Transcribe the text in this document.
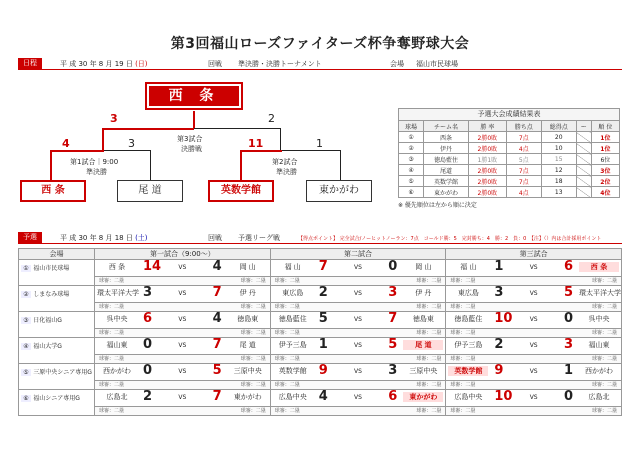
第3回福山ローズファイターズ杯争奪野球大会
日程	平 成 30 年 8 月 19 日 (日)	回戦 準決勝・決勝トーナメント	会場 福山市民球場
西 条
3	2
第3試合
決勝戦
4	3
第1試合｜9:00
準決勝
11	1
第2試合
準決勝
西 条	尾 道	英数学館	東かがわ
予選大会成績結果表
球場	チーム名	勝 率	勝ち点	総得点	ー	順 位
①	西条	2勝0敗	7点	20		1位
②	伊丹	2勝0敗	4点	10		1位
③	徳島藍住	1勝1敗	5点	15		6位
④	尾道	2勝0敗	7点	12		3位
⑤	英数学館	2勝0敗	7点	18		2位
⑥	東かがわ	2勝0敗	4点	13		4位
※ 優先順位は左から順に決定
予選	平 成 30 年 8 月 18 日 (土)	回戦 予選リーグ戦	【得点ポイント】 完全試合/ノーヒットノーラン：7点　コールド勝：5　完封勝ち：4　勝：2　負：0　【注】（）内は合計採用ポイント
会場	第一試合（9:00～）	第二試合	第三試合
① 福山市民球場	西 条 14 VS 4 岡 山	福 山 7 VS 0 岡 山	福 山 1 VS 6 西 条

	球審：二塁 球審：二塁	球審：二塁 球審：二塁	球審：二塁 球審：二塁

② しまなみ球場	環太平洋大学 3 VS 7 伊 丹	東広島 2 VS 3 伊 丹	東広島 3 VS 5 環太平洋大学

	球審：二塁 球審：二塁	球審：二塁 球審：二塁	球審：二塁 球審：二塁

③ 日化福山G	呉中央 6 VS 4 徳島東	徳島藍住 5 VS 7 徳島東	徳島藍住 10 VS 0 呉中央

	球審：二塁 球審：二塁	球審：二塁 球審：二塁	球審：二塁 球審：二塁

④ 福山大学G	福山東 0 VS 7 尾 道	伊予三島 1 VS 5 尾 道	伊予三島 2 VS 3 福山東

	球審：二塁 球審：二塁	球審：二塁 球審：二塁	球審：二塁 球審：二塁

⑤ 三原中央シニア専用G	西かがわ 0 VS 5 三原中央	英数学館 9 VS 3 三原中央	英数学館 9 VS 1 西かがわ

	球審：二塁 球審：二塁	球審：二塁 球審：二塁	球審：二塁 球審：二塁

⑥ 福山シニア専用G	広島北 2 VS 7 東かがわ	広島中央 4 VS 6 東かがわ	広島中央 10 VS 0 広島北

	球審：二塁 球審：二塁	球審：二塁 球審：二塁	球審：二塁 球審：二塁
